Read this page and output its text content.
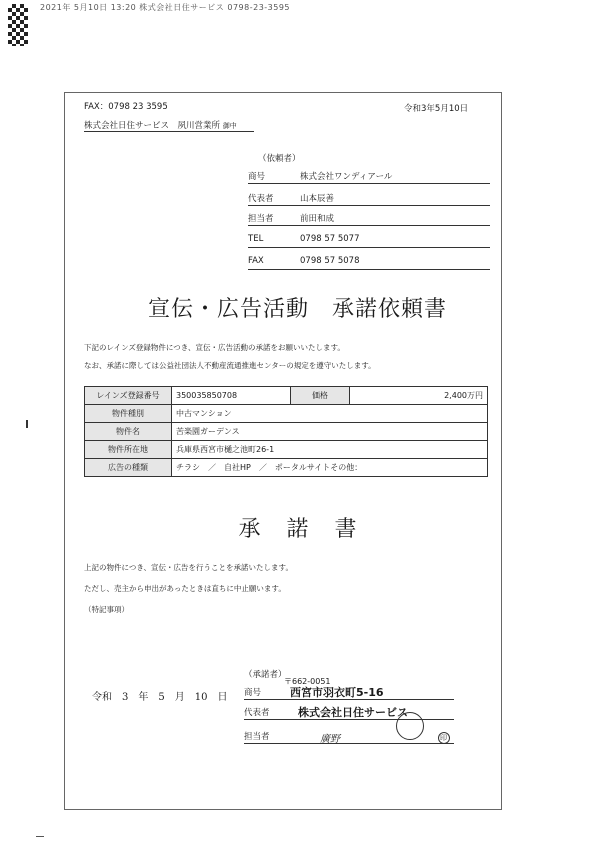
2021年 5月10日 13:20 株式会社日住サービス 0798-23-3595
FAX：0798 23 3595	令和3年5月10日
株式会社日住サービス　夙川営業所 御中
（依頼者）
商号	株式会社ワンディアール
代表者	山本辰善
担当者	前田和成
TEL	0798 57 5077
FAX	0798 57 5078
宣伝・広告活動　承諾依頼書
下記のレインズ登録物件につき、宣伝・広告活動の承諾をお願いいたします。
なお、承諾に際しては公益社団法人不動産流通推進センターの規定を遵守いたします。
レインズ登録番号	350035850708	価格	2,400万円
物件種別	中古マンション		
物件名	苦楽園ガーデンス		
物件所在地	兵庫県西宮市樋之池町26-1		
広告の種類	チラシ　／　自社HP　／　ポータルサイトその他：		
承諾書
上記の物件につき、宣伝・広告を行うことを承諾いたします。
ただし、売主から申出があったときは直ちに中止願います。
（特記事項）
（承諾者）
〒662-0051
令和　3　年　5　月　10　日 商号	西宮市羽衣町5-16
代表者	株式会社日住サービス
担当者	廣野	印
